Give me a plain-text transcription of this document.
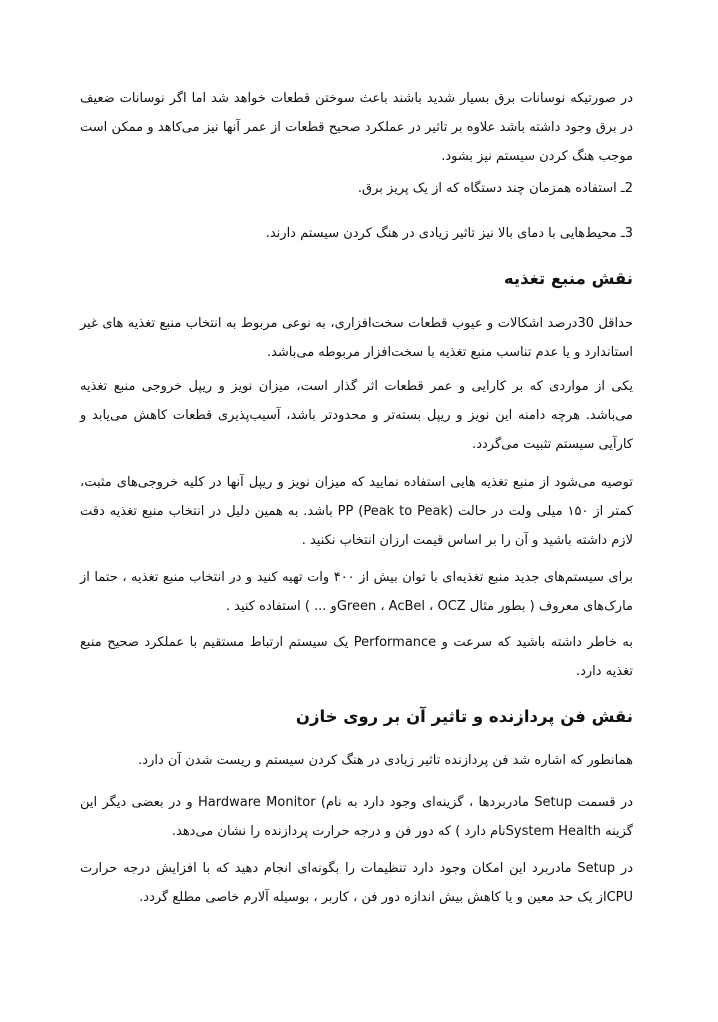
در صورتیکه نوسانات برق بسیار شدید باشند باعث سوختن قطعات خواهد شد اما اگر نوسانات ضعیف در برق وجود داشته باشد علاوه بر تاثیر در عملکرد صحیح قطعات از عمر آنها نیز می‌کاهد و ممکن است موجب هنگ کردن سیستم نیز بشود.

2ـ استفاده همزمان چند دستگاه که از یک پریز برق.

3ـ محیط‌هایی با دمای بالا نیز تاثیر زیادی در هنگ کردن سیستم دارند.

نقش منبع تغذیه

حداقل 30درصد اشکالات و عیوب قطعات سخت‌افزاری، به نوعی مربوط به انتخاب منبع تغذیه های غیر استاندارد و یا عدم تناسب منبع تغذیه با سخت‌افزار مربوطه می‌باشد.

یکی از مواردی که بر کارایی و عمر قطعات اثر گذار است، میزان نویز و ریپل خروجی منبع تغذیه می‌باشد. هرچه دامنه این نویز و ریپل بسته‌تر و محدودتر باشد، آسیب‌پذیری قطعات کاهش می‌یابد و کارآیی سیستم تثبیت می‌گردد.

توصیه می‌شود از منبع تغذیه هایی استفاده نمایید که میزان نویز و ریپل آنها در کلیه خروجی‌های مثبت، کمتر از ۱۵۰ میلی ولت در حالت (Peak to Peak) PP باشد. به همین دلیل در انتخاب منبع تغذیه دقت لازم داشته باشید و آن را بر اساس قیمت ارزان انتخاب نکنید .

برای سیستم‌های جدید منبع تغذیه‌ای با توان بیش از ۴۰۰ وات تهیه کنید و در انتخاب منبع تغذیه ، حتما از مارک‌های معروف ( بطور مثال Green ، AcBel ، OCZو ... ) استفاده کنید .

به خاطر داشته باشید که سرعت و Performance یک سیستم ارتباط مستقیم با عملکرد صحیح منبع تغذیه دارد.

نقش فن پردازنده و تاثیر آن بر روی خازن

همانطور که اشاره شد فن پردازنده تاثیر زیادی در هنگ کردن سیستم و ریست شدن آن دارد.

در قسمت Setup مادربردها ، گزینه‌ای وجود دارد به نام) Hardware Monitor و در بعضی دیگر این گزینه System Healthنام دارد ) که دور فن و درجه حرارت پردازنده را نشان می‌دهد.

در Setup مادربرد این امکان وجود دارد تنظیمات را بگونه‌ای انجام دهید که با افزایش درجه حرارت CPUاز یک حد معین و یا کاهش بیش اندازه دور فن ، کاربر ، بوسیله آلارم خاصی مطلع گردد.
